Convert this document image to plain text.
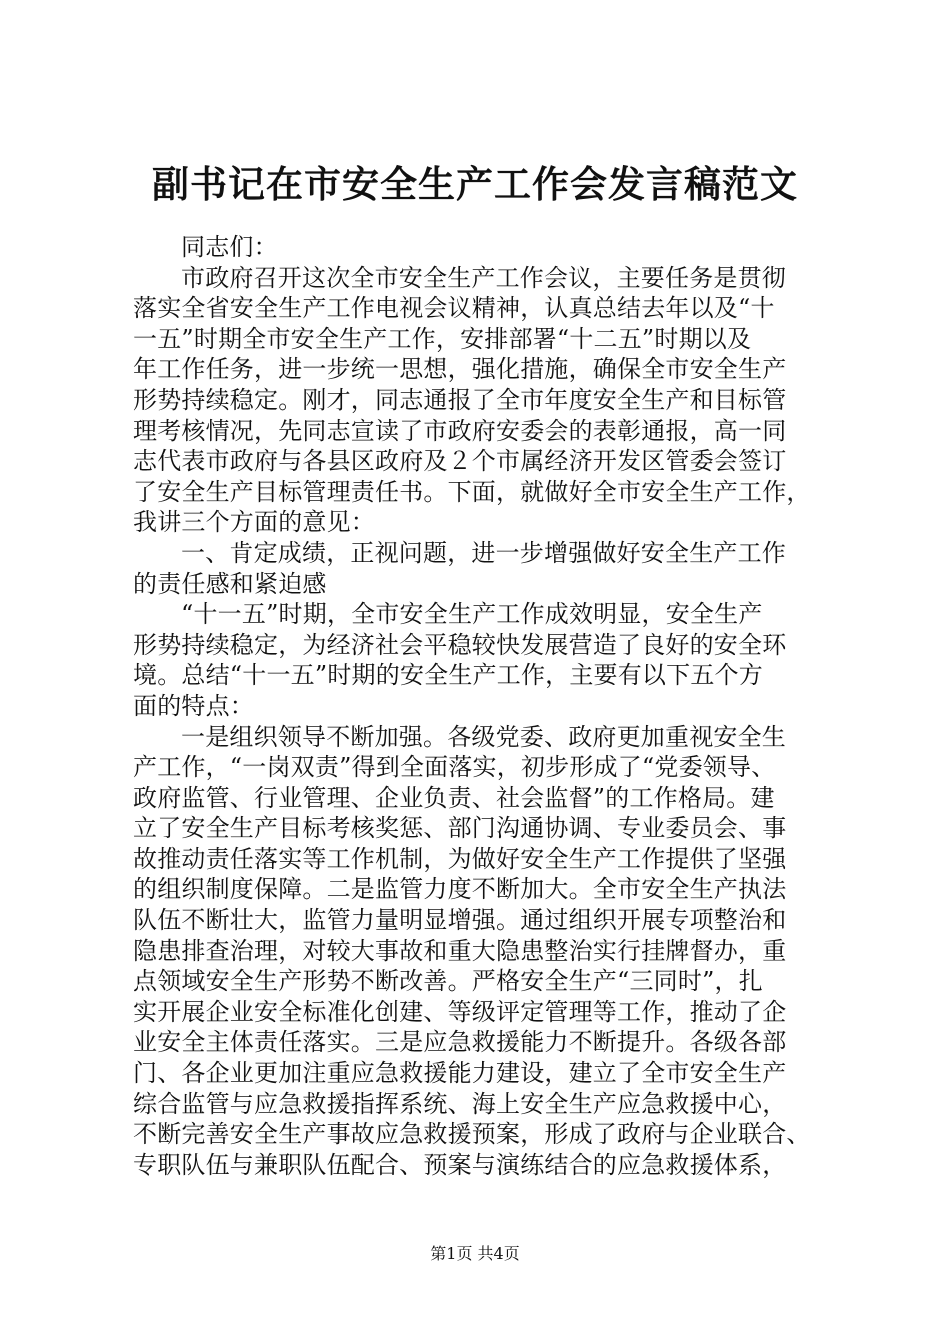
副书记在市安全生产工作会发言稿范文
同志们：
市政府召开这次全市安全生产工作会议，主要任务是贯彻
落实全省安全生产工作电视会议精神，认真总结去年以及“十
一五”时期全市安全生产工作，安排部署“十二五”时期以及
年工作任务，进一步统一思想，强化措施，确保全市安全生产
形势持续稳定。刚才，同志通报了全市年度安全生产和目标管
理考核情况，先同志宣读了市政府安委会的表彰通报，高一同
志代表市政府与各县区政府及２个市属经济开发区管委会签订
了安全生产目标管理责任书。下面，就做好全市安全生产工作，
我讲三个方面的意见：
一、肯定成绩，正视问题，进一步增强做好安全生产工作
的责任感和紧迫感
“十一五”时期，全市安全生产工作成效明显，安全生产
形势持续稳定，为经济社会平稳较快发展营造了良好的安全环
境。总结“十一五”时期的安全生产工作，主要有以下五个方
面的特点：
一是组织领导不断加强。各级党委、政府更加重视安全生
产工作，“一岗双责”得到全面落实，初步形成了“党委领导、
政府监管、行业管理、企业负责、社会监督”的工作格局。建
立了安全生产目标考核奖惩、部门沟通协调、专业委员会、事
故推动责任落实等工作机制，为做好安全生产工作提供了坚强
的组织制度保障。二是监管力度不断加大。全市安全生产执法
队伍不断壮大，监管力量明显增强。通过组织开展专项整治和
隐患排查治理，对较大事故和重大隐患整治实行挂牌督办，重
点领域安全生产形势不断改善。严格安全生产“三同时”，扎
实开展企业安全标准化创建、等级评定管理等工作，推动了企
业安全主体责任落实。三是应急救援能力不断提升。各级各部
门、各企业更加注重应急救援能力建设，建立了全市安全生产
综合监管与应急救援指挥系统、海上安全生产应急救援中心，
不断完善安全生产事故应急救援预案，形成了政府与企业联合、
专职队伍与兼职队伍配合、预案与演练结合的应急救援体系，
第1页 共4页
